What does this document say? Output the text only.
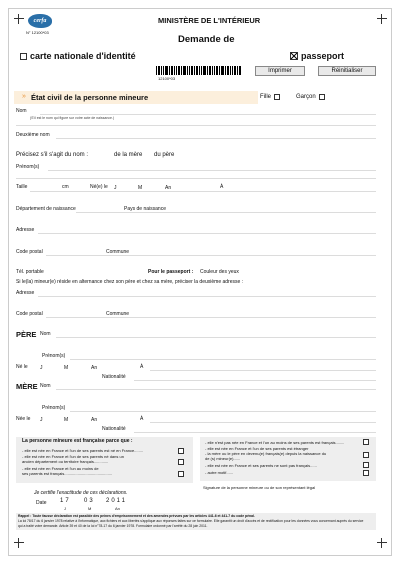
cerfa
N° 12100*03
MINISTÈRE DE L'INTÉRIEUR
Demande de
carte nationale d'identité	passeport
12100*03
Imprimer	Réinitialiser
» État civil de la personne mineure	Fille	Garçon
Nom
(S'il est le nom qui figure sur votre acte de naissance.)
Deuxième nom
Précisez s'il s'agit du nom :	de la mère du père
Prénom(s)
Taille	cm	Né(e) le J	M	An	À
Département de naissance	Pays de naissance
Adresse
Code postal	Commune
Tél. portable	Pour le passeport : Couleur des yeux
Si le(la) mineur(e) réside en alternance chez son père et chez sa mère, préciser la deuxième adresse :
Adresse
Code postal	Commune
PÈRE Nom
Prénom(s)
Né le J	M	An	À
Nationalité
MÈRE Nom
Prénom(s)
Née le J	M	An	À
Nationalité
La personne mineure est française parce que :
- elle est née en France et l'un de ses parents est né en France........
- elle est née en France et l'un de ses parents né dans un
ancien département ou territoire français.............
- elle est née en France et l'un au moins de
ses parents est français...........................................
- elle n'est pas née en France et l'un au moins de ses parents est français........
- elle est née en France et l'un de ses parents est étranger
- la mère ou le père en devenu(e) français(e) depuis la naissance du
de (s) mineur(e)......
- elle est née en France et ses parents ne sont pas français......
- autre motif......
Signature de la personne mineure ou de son représentant légal
Je certifie l'exactitude de ces déclarations.
Date 17 03 2011
J	M	An
Rappel : Toute fausse déclaration est passible des peines d'emprisonnement et des amendes prévues par les articles 441-6 et 441-7 du code pénal.
La loi 78/17 du 6 janvier 1978 relative à l'informatique, aux fichiers et aux libertés s'applique aux réponses faites sur ce formulaire. Elle garantit un droit d'accès et de rectification pour les données vous concernant auprès du service
qui a traité votre demande. Article 39 et 40 de la loi n°78-17 du 6 janvier 1978. Formulaire ordonné par l'arrêté du 28 juin 2011.
